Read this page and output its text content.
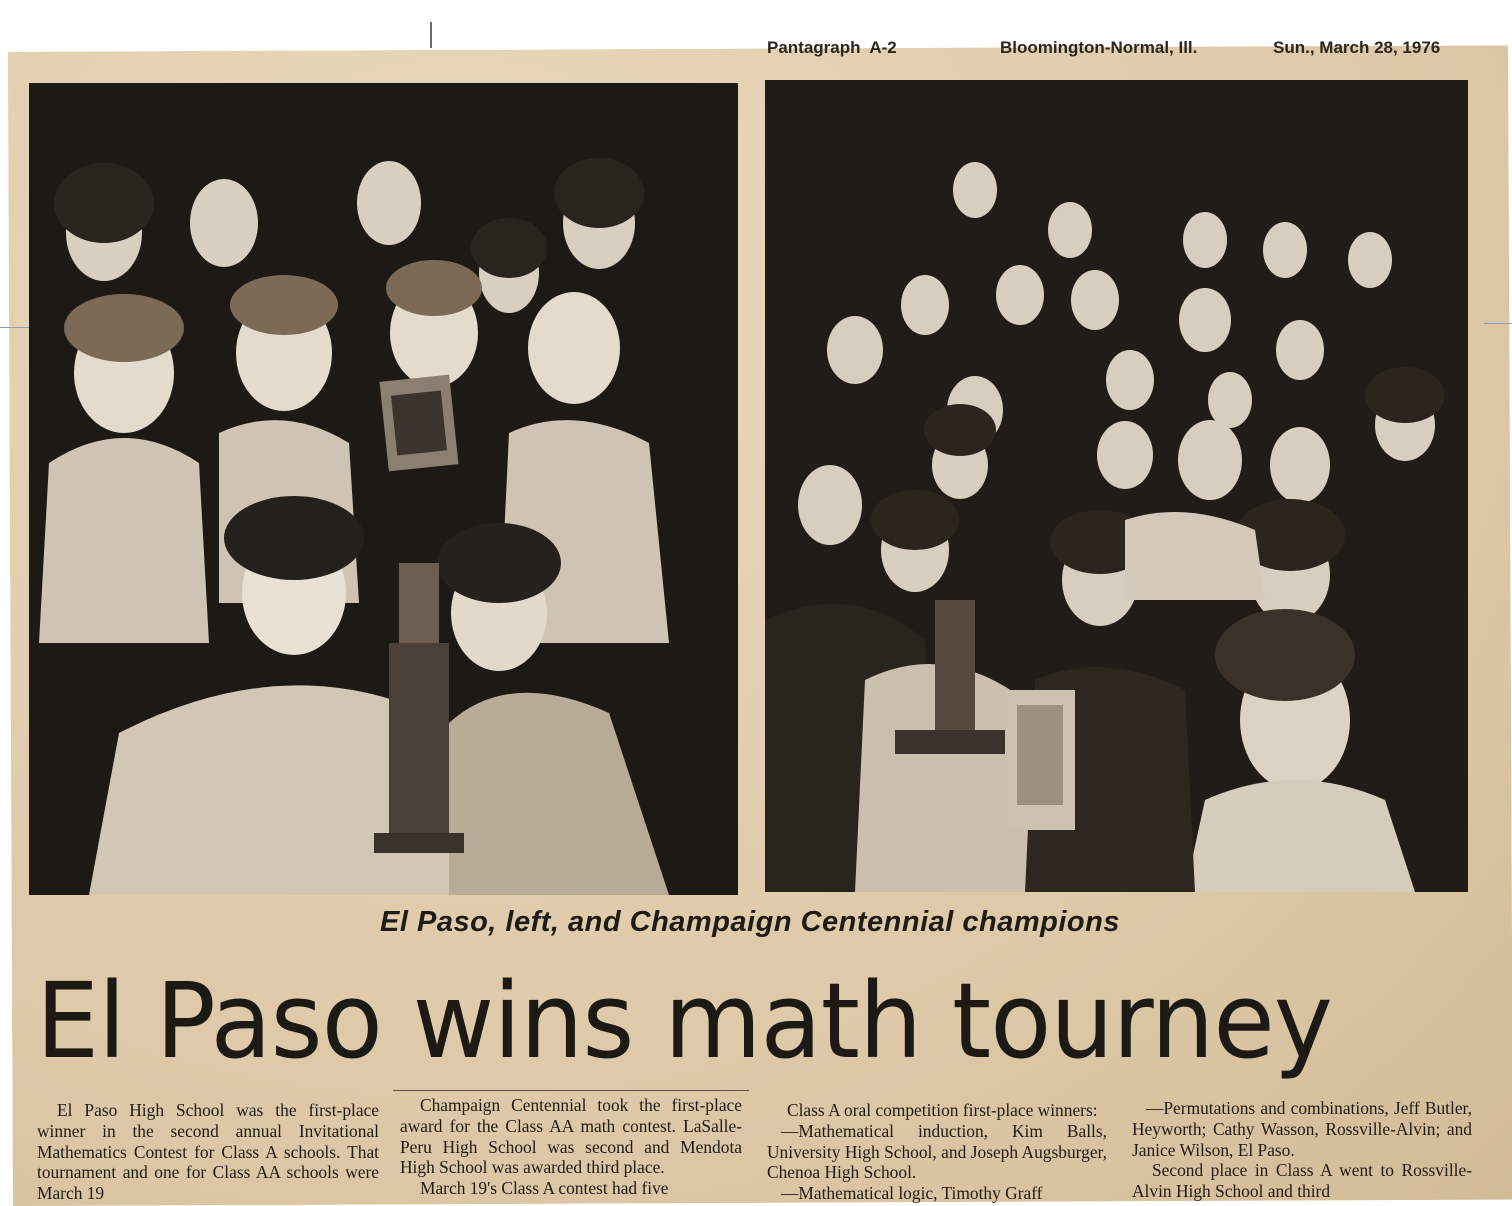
Pantagraph  A-2	Bloomington-Normal, Ill.	Sun., March 28, 1976
El Paso, left, and Champaign Centennial champions
El Paso wins math tourney

El Paso High School was the first-place winner in the second annual Invitational Mathematics Contest for Class A schools. That tournament and one for Class AA schools were March 19

Champaign Centennial took the first-place award for the Class AA math contest. LaSalle-Peru High School was second and Mendota High School was awarded third place.

March 19's Class A contest had five

Class A oral competition first-place winners:

—Mathematical induction, Kim Balls, University High School, and Joseph Augsburger, Chenoa High School.

—Mathematical logic, Timothy Graff

—Permutations and combinations, Jeff Butler, Heyworth; Cathy Wasson, Rossville-Alvin; and Janice Wilson, El Paso.

Second place in Class A went to Rossville-Alvin High School and third
